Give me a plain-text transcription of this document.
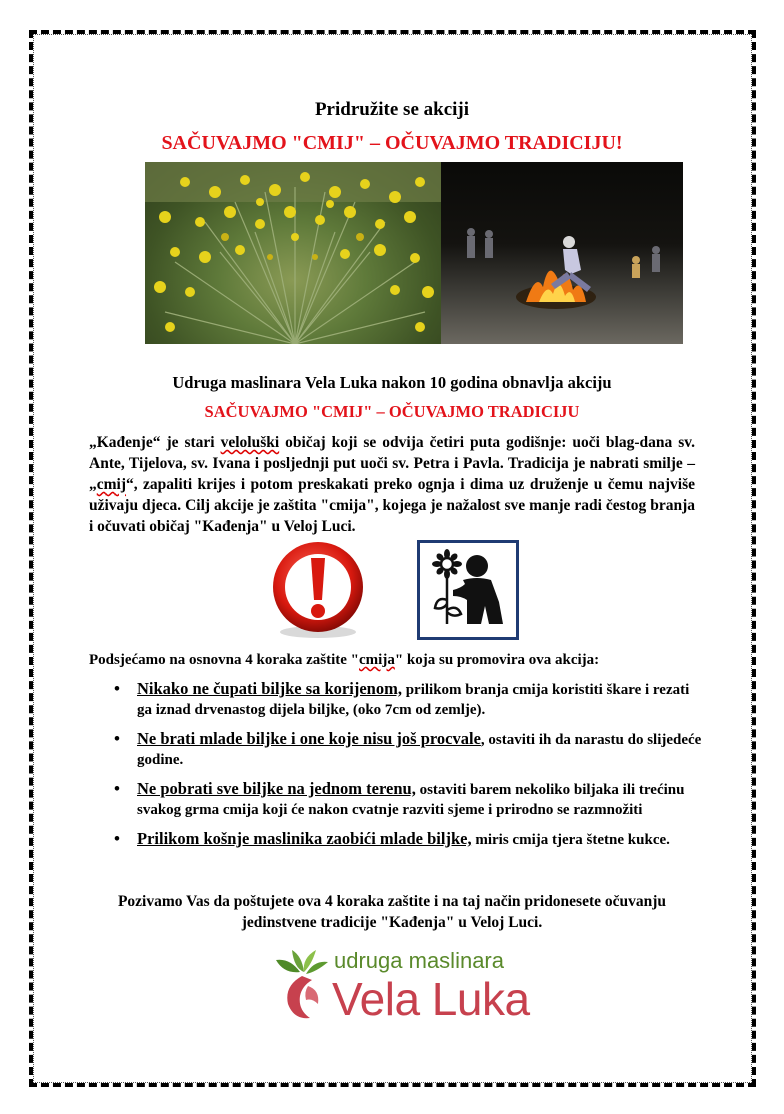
Pridružite se akciji
SAČUVAJMO "CMIJ" – OČUVAJMO TRADICIJU!
Udruga maslinara Vela Luka nakon 10 godina obnavlja akciju
SAČUVAJMO "CMIJ" – OČUVAJMO TRADICIJU
„Kađenje“ je stari veloluški običaj koji se odvija četiri puta godišnje: uoči blag-dana sv. Ante, Tijelova, sv. Ivana i posljednji put uoči sv. Petra i Pavla. Tradicija je nabrati smilje – „cmij“, zapaliti krijes i potom preskakati preko ognja i dima uz druženje u čemu najviše uživaju djeca. Cilj akcije je zaštita "cmija", kojega je nažalost sve manje radi čestog branja i očuvati običaj "Kađenja" u Veloj Luci.
Podsjećamo na osnovna 4 koraka zaštite "cmija" koja su promovira ova akcija:
• Nikako ne čupati biljke sa korijenom, prilikom branja cmija koristiti škare i rezati ga iznad drvenastog dijela biljke, (oko 7cm od zemlje).
• Ne brati mlade biljke i one koje nisu još procvale, ostaviti ih da narastu do slijedeće godine.
• Ne pobrati sve biljke na jednom terenu, ostaviti barem nekoliko biljaka ili trećinu svakog grma cmija koji će nakon cvatnje razviti sjeme i prirodno se razmnožiti
• Prilikom košnje maslinika zaobići mlade biljke, miris cmija tjera štetne kukce.
Pozivamo Vas da poštujete ova 4 koraka zaštite i na taj način pridonesete očuvanju jedinstvene tradicije "Kađenja" u Veloj Luci.
udruga maslinara
Vela Luka
